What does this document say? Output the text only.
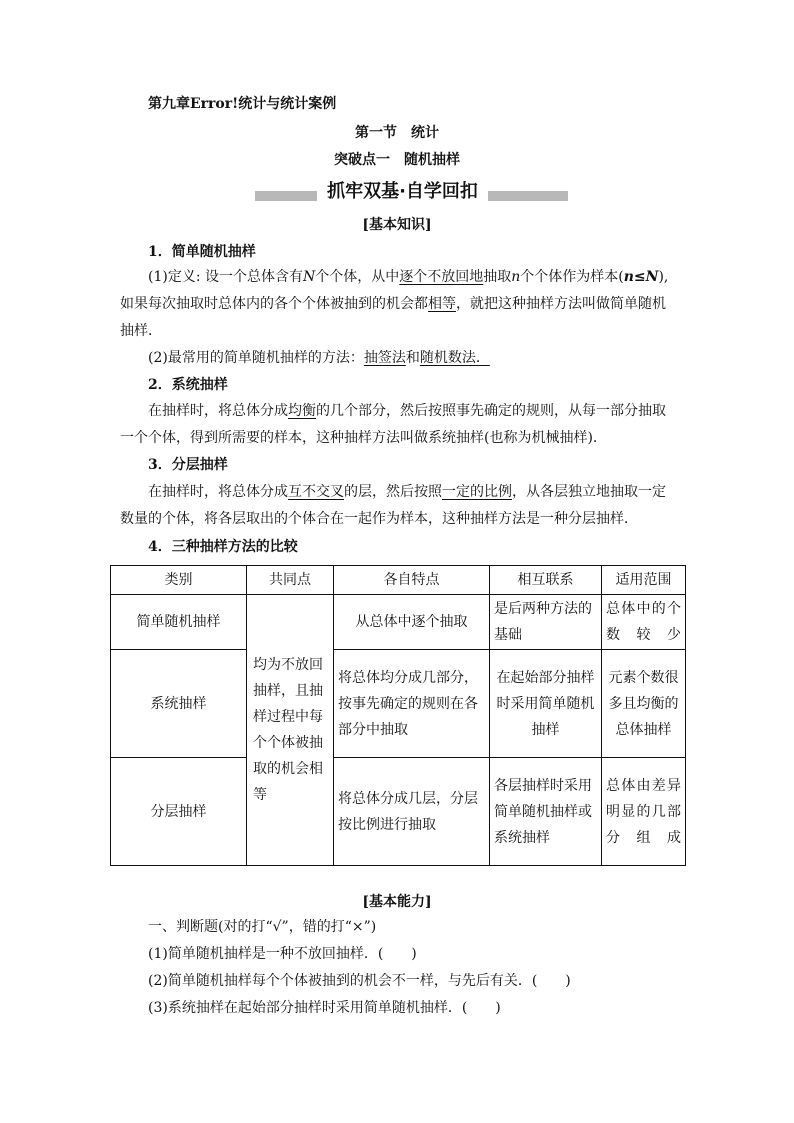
第九章Error!统计与统计案例
第一节　统计
突破点一　随机抽样
抓牢双基·自学回扣
[基本知识]
1．简单随机抽样
(1)定义: 设一个总体含有N个个体，从中逐个不放回地抽取n个个体作为样本(n≤N),
如果每次抽取时总体内的各个个体被抽到的机会都相等，就把这种抽样方法叫做简单随机
抽样．
(2)最常用的简单随机抽样的方法：抽签法和随机数法．
2．系统抽样
在抽样时，将总体分成均衡的几个部分，然后按照事先确定的规则，从每一部分抽取
一个个体，得到所需要的样本，这种抽样方法叫做系统抽样(也称为机械抽样)．
3．分层抽样
在抽样时，将总体分成互不交叉的层，然后按照一定的比例，从各层独立地抽取一定
数量的个体，将各层取出的个体合在一起作为样本，这种抽样方法是一种分层抽样．
4．三种抽样方法的比较
类别	共同点	各自特点	相互联系	适用范围
简单随机抽样	均为不放回抽样，且抽样过程中每个个体被抽取的机会相等	从总体中逐个抽取	是后两种方法的基础	总体中的个数较少
系统抽样		将总体均分成几部分，按事先确定的规则在各部分中抽取	在起始部分抽样时采用简单随机抽样	元素个数很多且均衡的总体抽样
分层抽样		将总体分成几层，分层按比例进行抽取	各层抽样时采用简单随机抽样或系统抽样	总体由差异明显的几部分组成
[基本能力]
一、判断题(对的打“√”，错的打“×”)
(1)简单随机抽样是一种不放回抽样．(　　)
(2)简单随机抽样每个个体被抽到的机会不一样，与先后有关．(　　)
(3)系统抽样在起始部分抽样时采用简单随机抽样．(　　)
